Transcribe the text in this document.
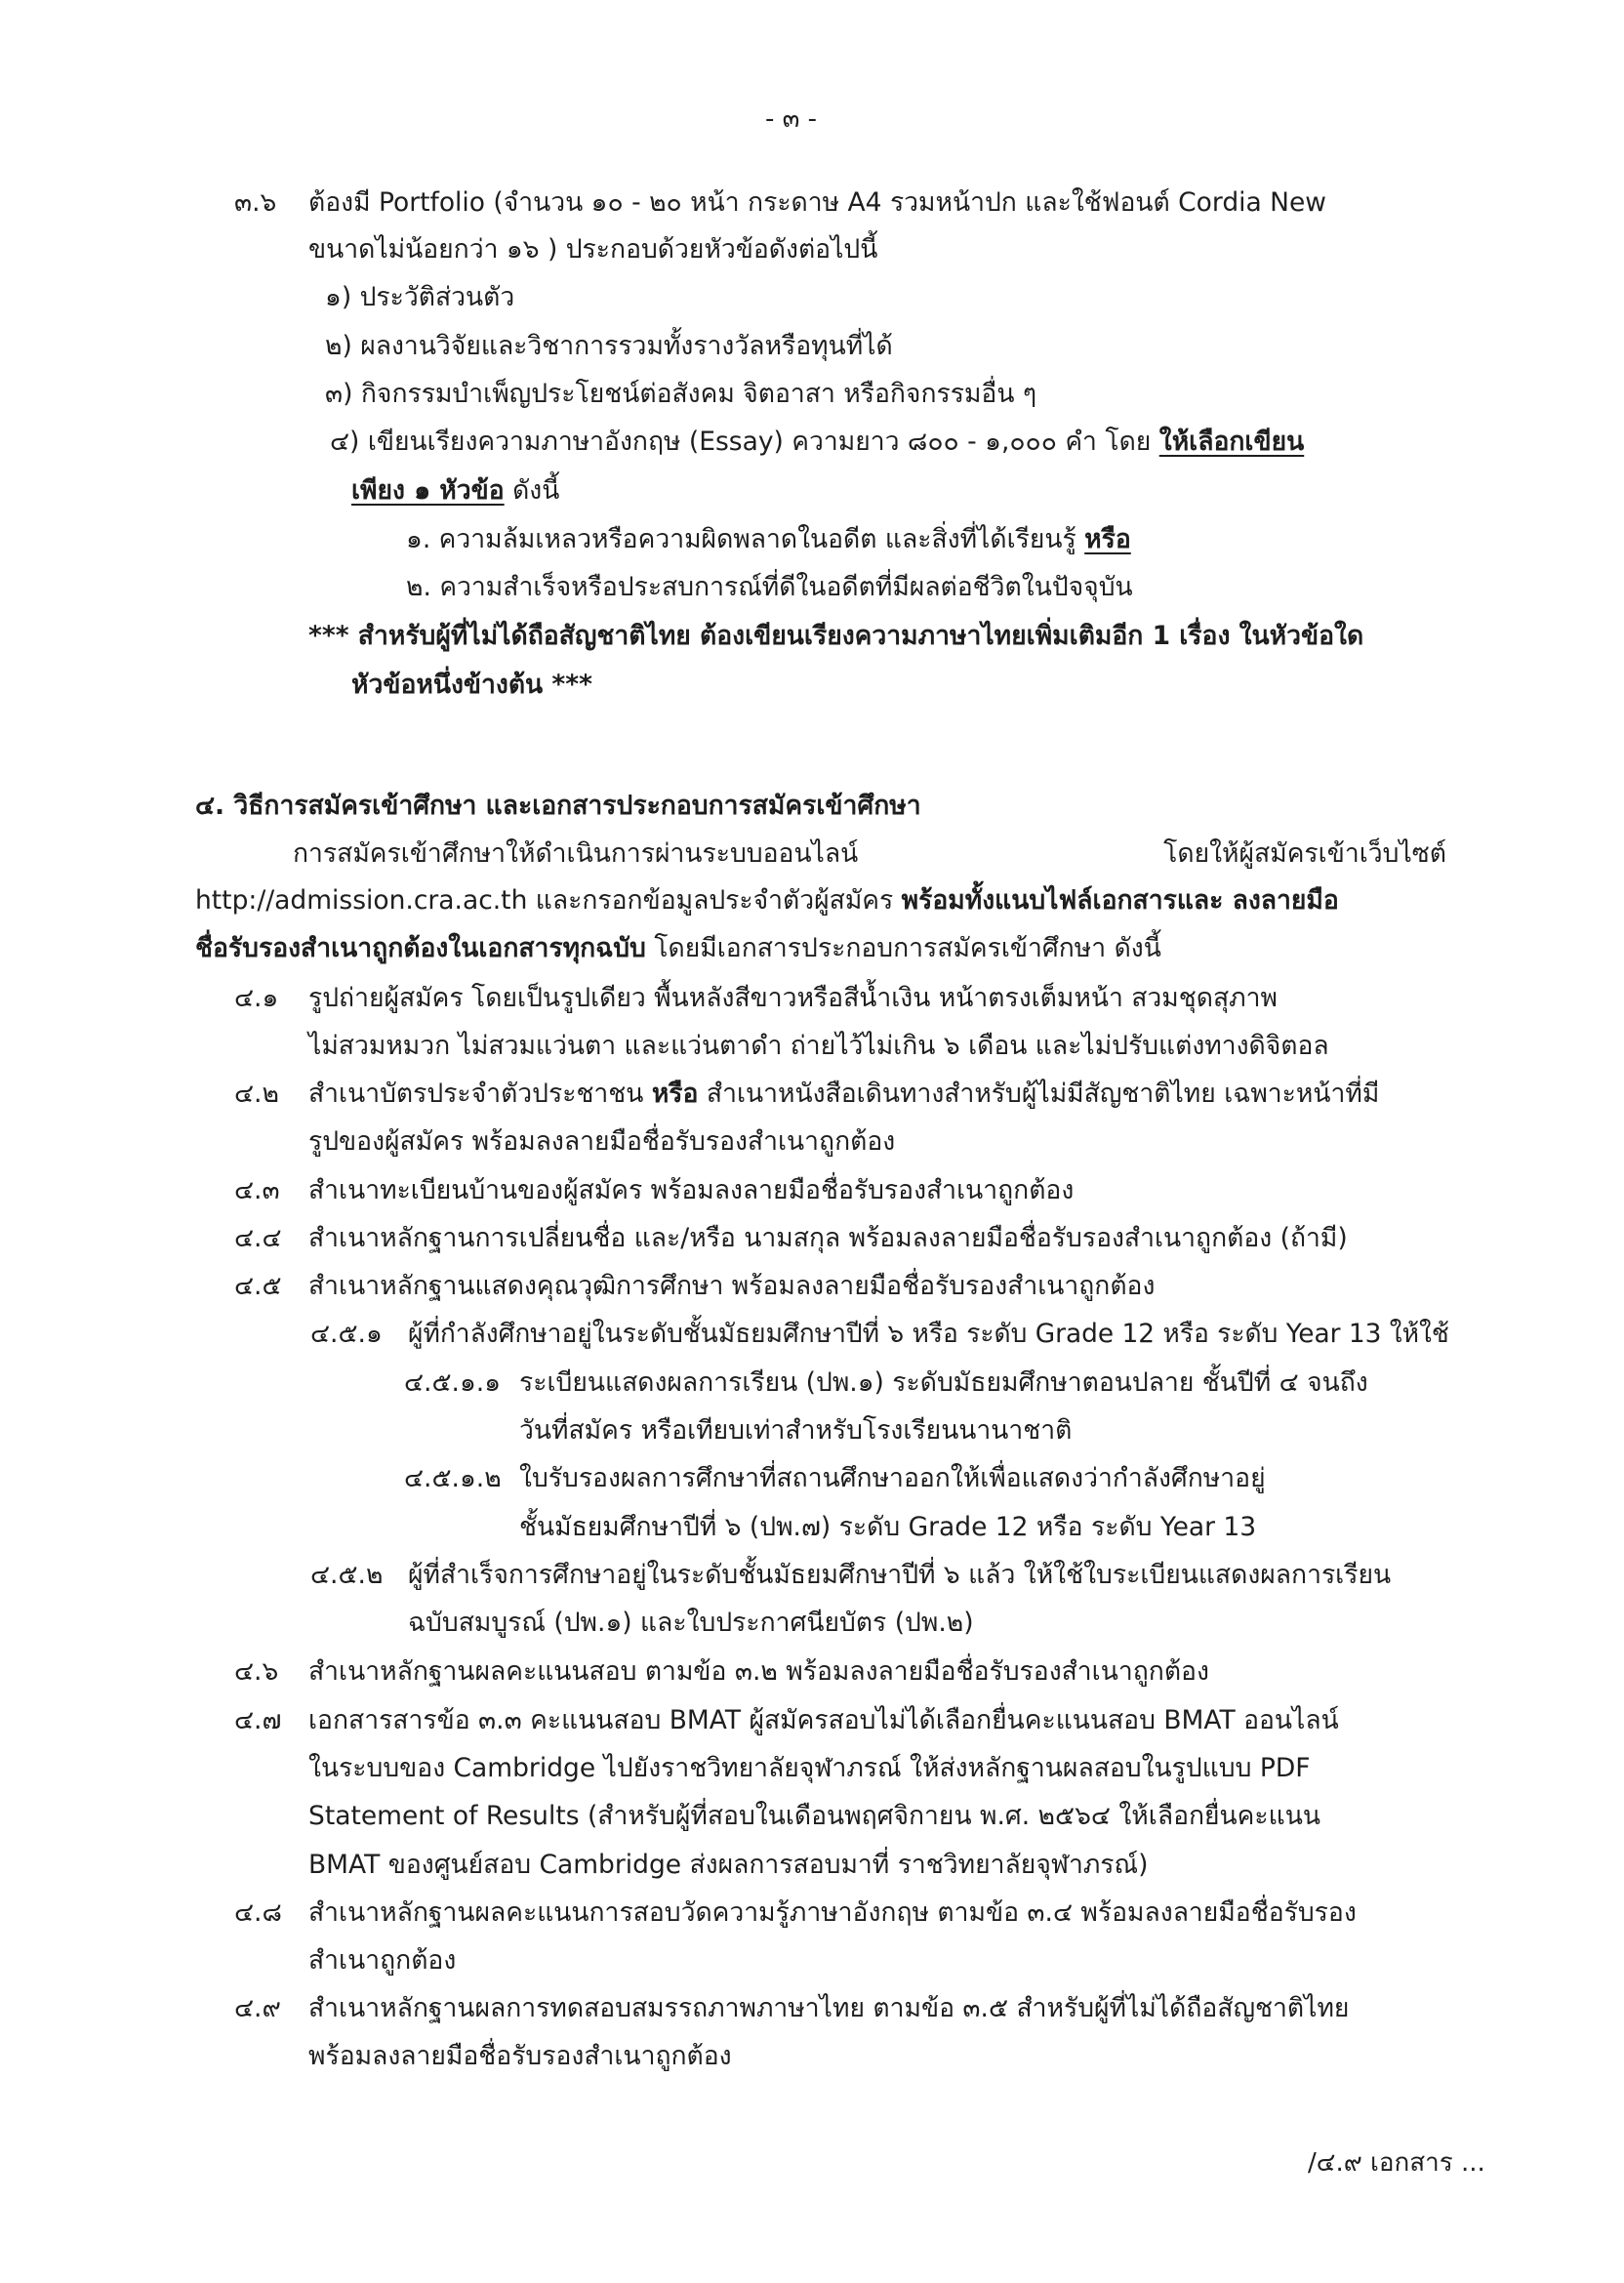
- ๓ -
๓.๖ ต้องมี Portfolio (จำนวน ๑๐ - ๒๐ หน้า กระดาษ A4 รวมหน้าปก และใช้ฟอนต์ Cordia New
ขนาดไม่น้อยกว่า ๑๖ ) ประกอบด้วยหัวข้อดังต่อไปนี้
๑) ประวัติส่วนตัว
๒) ผลงานวิจัยและวิชาการรวมทั้งรางวัลหรือทุนที่ได้
๓) กิจกรรมบำเพ็ญประโยชน์ต่อสังคม จิตอาสา หรือกิจกรรมอื่น ๆ
๔) เขียนเรียงความภาษาอังกฤษ (Essay) ความยาว ๘๐๐ - ๑,๐๐๐ คำ โดย ให้เลือกเขียน
เพียง ๑ หัวข้อ ดังนี้
๑. ความล้มเหลวหรือความผิดพลาดในอดีต และสิ่งที่ได้เรียนรู้ หรือ
๒. ความสำเร็จหรือประสบการณ์ที่ดีในอดีตที่มีผลต่อชีวิตในปัจจุบัน
*** สำหรับผู้ที่ไม่ได้ถือสัญชาติไทย ต้องเขียนเรียงความภาษาไทยเพิ่มเติมอีก 1 เรื่อง ในหัวข้อใด
หัวข้อหนึ่งข้างต้น ***
๔. วิธีการสมัครเข้าศึกษา และเอกสารประกอบการสมัครเข้าศึกษา
การสมัครเข้าศึกษาให้ดำเนินการผ่านระบบออนไลน์ โดยให้ผู้สมัครเข้าเว็บไซต์
http://admission.cra.ac.th และกรอกข้อมูลประจำตัวผู้สมัคร พร้อมทั้งแนบไฟล์เอกสารและ ลงลายมือ
ชื่อรับรองสำเนาถูกต้องในเอกสารทุกฉบับ โดยมีเอกสารประกอบการสมัครเข้าศึกษา ดังนี้
๔.๑ รูปถ่ายผู้สมัคร โดยเป็นรูปเดียว พื้นหลังสีขาวหรือสีน้ำเงิน หน้าตรงเต็มหน้า สวมชุดสุภาพ
ไม่สวมหมวก ไม่สวมแว่นตา และแว่นตาดำ ถ่ายไว้ไม่เกิน ๖ เดือน และไม่ปรับแต่งทางดิจิตอล
๔.๒ สำเนาบัตรประจำตัวประชาชน หรือ สำเนาหนังสือเดินทางสำหรับผู้ไม่มีสัญชาติไทย เฉพาะหน้าที่มี
รูปของผู้สมัคร พร้อมลงลายมือชื่อรับรองสำเนาถูกต้อง
๔.๓ สำเนาทะเบียนบ้านของผู้สมัคร พร้อมลงลายมือชื่อรับรองสำเนาถูกต้อง
๔.๔ สำเนาหลักฐานการเปลี่ยนชื่อ และ/หรือ นามสกุล พร้อมลงลายมือชื่อรับรองสำเนาถูกต้อง (ถ้ามี)
๔.๕ สำเนาหลักฐานแสดงคุณวุฒิการศึกษา พร้อมลงลายมือชื่อรับรองสำเนาถูกต้อง
๔.๕.๑ ผู้ที่กำลังศึกษาอยู่ในระดับชั้นมัธยมศึกษาปีที่ ๖ หรือ ระดับ Grade 12 หรือ ระดับ Year 13 ให้ใช้
๔.๕.๑.๑ ระเบียนแสดงผลการเรียน (ปพ.๑) ระดับมัธยมศึกษาตอนปลาย ชั้นปีที่ ๔ จนถึง
วันที่สมัคร หรือเทียบเท่าสำหรับโรงเรียนนานาชาติ
๔.๕.๑.๒ ใบรับรองผลการศึกษาที่สถานศึกษาออกให้เพื่อแสดงว่ากำลังศึกษาอยู่
ชั้นมัธยมศึกษาปีที่ ๖ (ปพ.๗) ระดับ Grade 12 หรือ ระดับ Year 13
๔.๕.๒ ผู้ที่สำเร็จการศึกษาอยู่ในระดับชั้นมัธยมศึกษาปีที่ ๖ แล้ว ให้ใช้ใบระเบียนแสดงผลการเรียน
ฉบับสมบูรณ์ (ปพ.๑) และใบประกาศนียบัตร (ปพ.๒)
๔.๖ สำเนาหลักฐานผลคะแนนสอบ ตามข้อ ๓.๒ พร้อมลงลายมือชื่อรับรองสำเนาถูกต้อง
๔.๗ เอกสารสารข้อ ๓.๓ คะแนนสอบ BMAT ผู้สมัครสอบไม่ได้เลือกยื่นคะแนนสอบ BMAT ออนไลน์
ในระบบของ Cambridge ไปยังราชวิทยาลัยจุฬาภรณ์ ให้ส่งหลักฐานผลสอบในรูปแบบ PDF
Statement of Results (สำหรับผู้ที่สอบในเดือนพฤศจิกายน พ.ศ. ๒๕๖๔ ให้เลือกยื่นคะแนน
BMAT ของศูนย์สอบ Cambridge ส่งผลการสอบมาที่ ราชวิทยาลัยจุฬาภรณ์)
๔.๘ สำเนาหลักฐานผลคะแนนการสอบวัดความรู้ภาษาอังกฤษ ตามข้อ ๓.๔ พร้อมลงลายมือชื่อรับรอง
สำเนาถูกต้อง
๔.๙ สำเนาหลักฐานผลการทดสอบสมรรถภาพภาษาไทย ตามข้อ ๓.๕ สำหรับผู้ที่ไม่ได้ถือสัญชาติไทย
พร้อมลงลายมือชื่อรับรองสำเนาถูกต้อง
/๔.๙ เอกสาร ...
